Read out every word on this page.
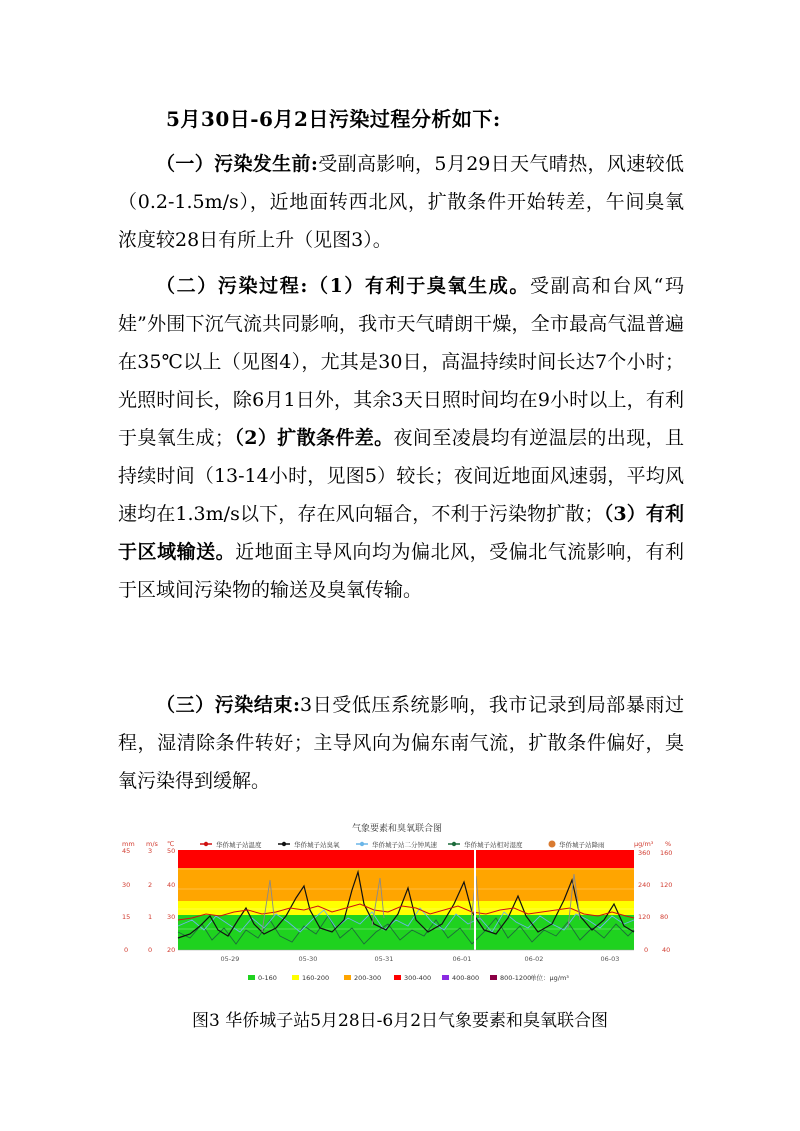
5月30日-6月2日污染过程分析如下:
（一）污染发生前:受副高影响，5月29日天气晴热，风速较低（0.2-1.5m/s），近地面转西北风，扩散条件开始转差，午间臭氧浓度较28日有所上升（见图3）。
（二）污染过程:（1）有利于臭氧生成。受副高和台风“玛娃”外围下沉气流共同影响，我市天气晴朗干燥，全市最高气温普遍在35℃以上（见图4），尤其是30日，高温持续时间长达7个小时；光照时间长，除6月1日外，其余3天日照时间均在9小时以上，有利于臭氧生成；（2）扩散条件差。夜间至凌晨均有逆温层的出现，且持续时间（13-14小时，见图5）较长；夜间近地面风速弱，平均风速均在1.3m/s以下，存在风向辐合，不利于污染物扩散；（3）有利于区域输送。近地面主导风向均为偏北风，受偏北气流影响，有利于区域间污染物的输送及臭氧传输。
（三）污染结束:3日受低压系统影响，我市记录到局部暴雨过程，湿清除条件转好；主导风向为偏东南气流，扩散条件偏好，臭氧污染得到缓解。
气象要素和臭氧联合图
华侨城子站温度	华侨城子站臭氧	华侨城子站二分钟风速	华侨城子站相对湿度	华侨城子站降雨
mm m/s ℃	μg/m³ %
45	3 50
30	2 40
15	1 30
0	0 20
360 160
240 120
120 80
0 40
05-29	05-30	05-31	06-01	06-02	06-03
0-160	160-200	200-300	300-400	400-800	800-1200
单位：μg/m³
图3 华侨城子站5月28日-6月2日气象要素和臭氧联合图
